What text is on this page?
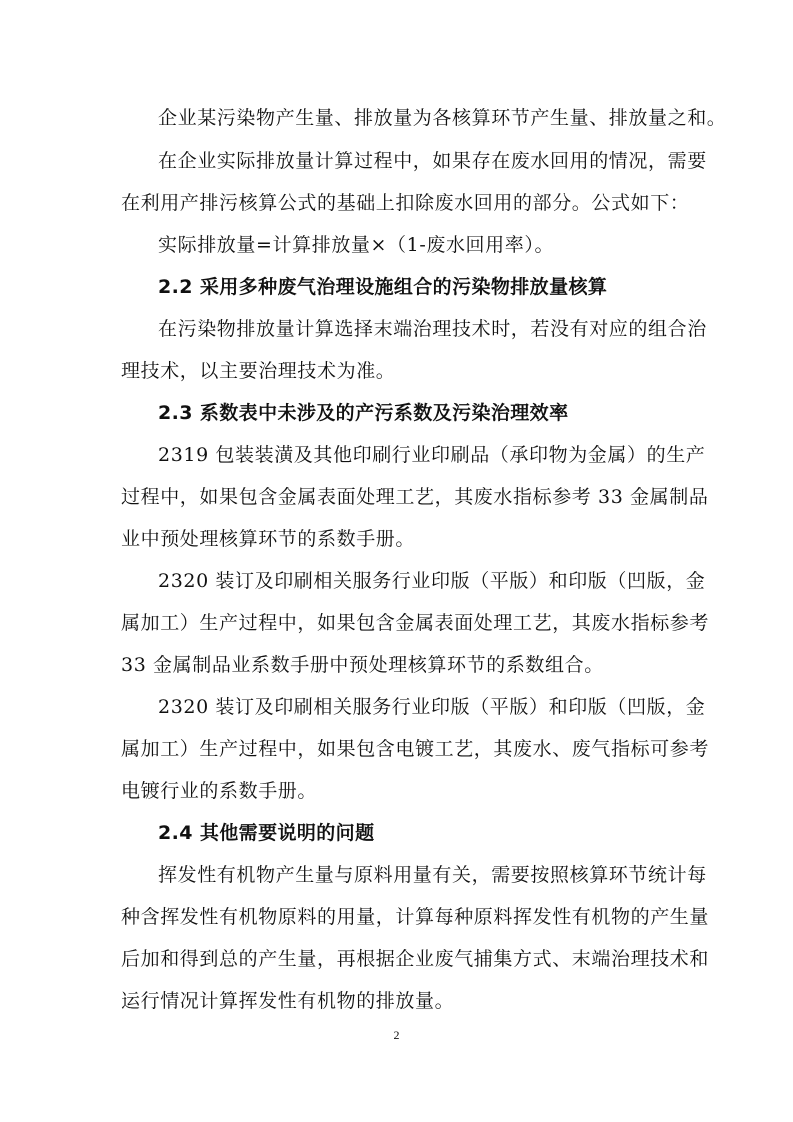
企业某污染物产生量、排放量为各核算环节产生量、排放量之和。
在企业实际排放量计算过程中，如果存在废水回用的情况，需要
在利用产排污核算公式的基础上扣除废水回用的部分。公式如下：
实际排放量=计算排放量×（1-废水回用率）。
2.2 采用多种废气治理设施组合的污染物排放量核算
在污染物排放量计算选择末端治理技术时，若没有对应的组合治
理技术，以主要治理技术为准。
2.3 系数表中未涉及的产污系数及污染治理效率
2319 包装装潢及其他印刷行业印刷品（承印物为金属）的生产
过程中，如果包含金属表面处理工艺，其废水指标参考 33 金属制品
业中预处理核算环节的系数手册。
2320 装订及印刷相关服务行业印版（平版）和印版（凹版，金
属加工）生产过程中，如果包含金属表面处理工艺，其废水指标参考
33 金属制品业系数手册中预处理核算环节的系数组合。
2320 装订及印刷相关服务行业印版（平版）和印版（凹版，金
属加工）生产过程中，如果包含电镀工艺，其废水、废气指标可参考
电镀行业的系数手册。
2.4 其他需要说明的问题
挥发性有机物产生量与原料用量有关，需要按照核算环节统计每
种含挥发性有机物原料的用量，计算每种原料挥发性有机物的产生量
后加和得到总的产生量，再根据企业废气捕集方式、末端治理技术和
运行情况计算挥发性有机物的排放量。
2
